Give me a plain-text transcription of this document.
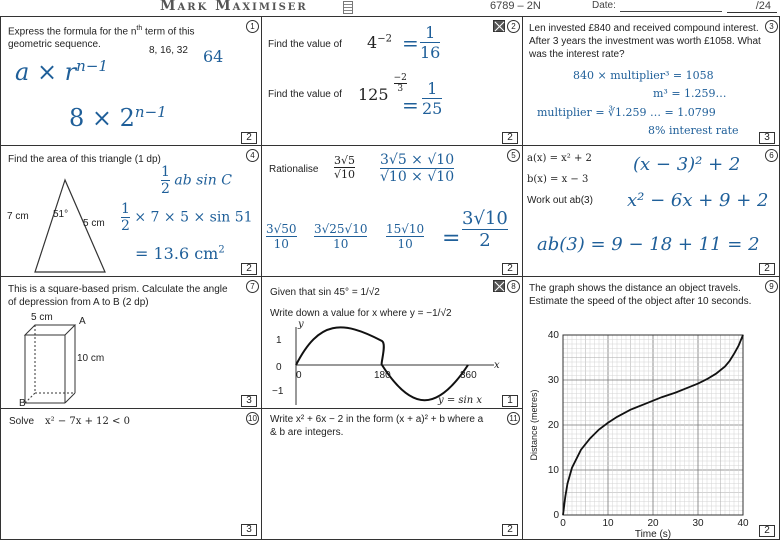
Mark Maximiser	6789 – 2N	Date:	/24
Express the formula for the $n^{th}$ term of this geometric sequence.
8, 16, 32 64
$a \times r^{n-1}$
$8 \times 2^{n-1}$
1
2
Find the value of $4^{-2} = \frac{1}{16}$
Find the value of 125
$\frac{-2}{3}$
= $\frac{1}{25}$
2
2
Len invested £840 and received compound interest. After 3 years the investment was worth £1058. What was the interest rate?
840 × multiplier³ = 1058
m³ = 1.259…
multiplier = ∛1.259 … = 1.0799
8% interest rate
3
3
Find the area of this triangle (1 dp)
7 cm 51°
5 cm
$\frac{1}{2}$ ab sin C
$\frac{1}{2} \times 7 \times 5 \times \sin 51$
= 13.6 $cm^2$
4
2
Rationalise $\frac{3√5}{√10} \frac{3√5 \times √10}{√10 \times √10}$
$\frac{3√50}{10} \frac{3√25√10}{10} \frac{15√10}{10} = \frac{3√10}{2}$
5
2
a(x) = x² + 2
b(x) = x − 3
Work out ab(3)
(x − 3)² + 2
x² − 6x + 9 + 2
ab(3) = 9 − 18 + 11 = 2
6
2
This is a square-based prism. Calculate the angle of depression from A to B (2 dp)
5 cm	A
10 cm
B
7
3
Given that sin 45° = 1/√2
Write down a value for x where y = −1/√2
y
x
1
0
−1
0	180	360
y = sin x
8
1
The graph shows the distance an object travels. Estimate the speed of the object after 10 seconds.
0	10	20	30	40
0
10
20
30
40
Time (s)
Distance (metres)
9
2
Solve x² − 7x + 12 < 0	10
3
Write x² + 6x − 2 in the form (x + a)² + b where a & b are integers.
11
2
